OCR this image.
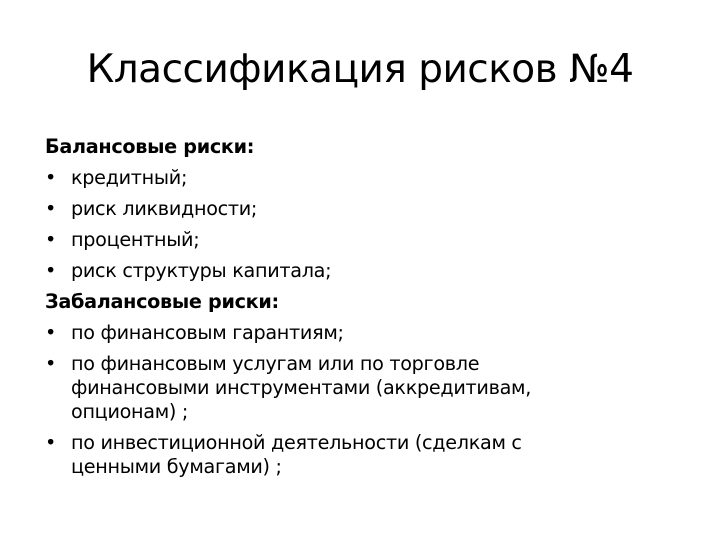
Классификация рисков №4
Балансовые риски:
• кредитный;
• риск ликвидности;
• процентный;
• риск структуры капитала;
Забалансовые риски:
• по финансовым гарантиям;
• по финансовым услугам или по торговле
финансовыми инструментами (аккредитивам,
опционам) ;
• по инвестиционной деятельности (сделкам с
ценными бумагами) ;
